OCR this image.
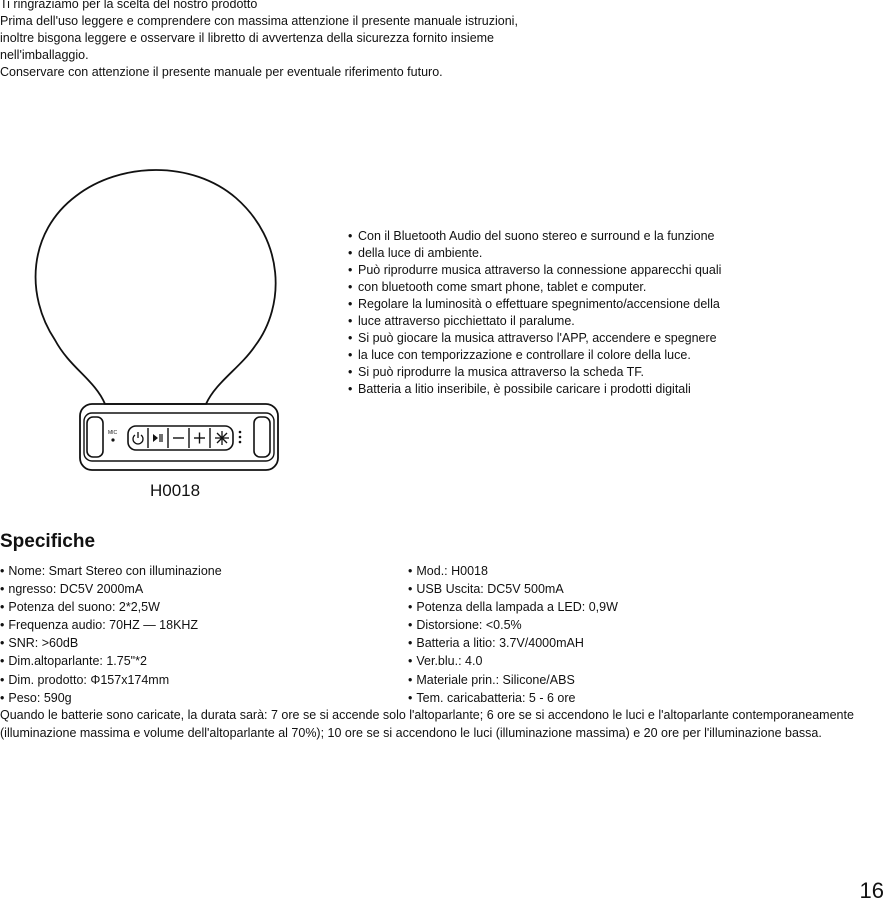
Ti ringraziamo per la scelta del nostro prodotto

Prima dell'uso leggere e comprendere con massima attenzione il presente manuale istruzioni,

inoltre bisgona leggere e osservare il libretto di avvertenza della sicurezza fornito insieme

nell'imballaggio.

Conservare con attenzione il presente manuale per eventuale riferimento futuro.

MIC
• Con il Bluetooth Audio del suono stereo e surround e la funzione
• della luce di ambiente.
• Può riprodurre musica attraverso la connessione apparecchi quali
• con bluetooth come smart phone, tablet e computer.
• Regolare la luminosità o effettuare spegnimento/accensione della
• luce attraverso picchiettato il paralume.
• Si può giocare la musica attraverso l'APP, accendere e spegnere
• la luce con temporizzazione e controllare il colore della luce.
• Si può riprodurre la musica attraverso la scheda TF.
• Batteria a litio inseribile, è possibile caricare i prodotti digitali
H0018
Specifiche
• Nome: Smart Stereo con illuminazione
• ngresso: DC5V 2000mA
• Potenza del suono: 2*2,5W
• Frequenza audio: 70HZ — 18KHZ
• SNR: >60dB
• Dim.altoparlante: 1.75"*2
• Dim. prodotto: Φ157x174mm
• Peso: 590g
• Mod.: H0018
• USB Uscita: DC5V 500mA
• Potenza della lampada a LED: 0,9W
• Distorsione: <0.5%
• Batteria a litio: 3.7V/4000mAH
• Ver.blu.: 4.0
• Materiale prin.: Silicone/ABS
• Tem. caricabatteria: 5 - 6 ore

Quando le batterie sono caricate, la durata sarà: 7 ore se si accende solo l'altoparlante; 6 ore se si accendono le luci e l'altoparlante contemporaneamente (illuminazione massima e volume dell'altoparlante al 70%); 10 ore se si accendono le luci (illuminazione massima) e 20 ore per l'illuminazione bassa.

16
